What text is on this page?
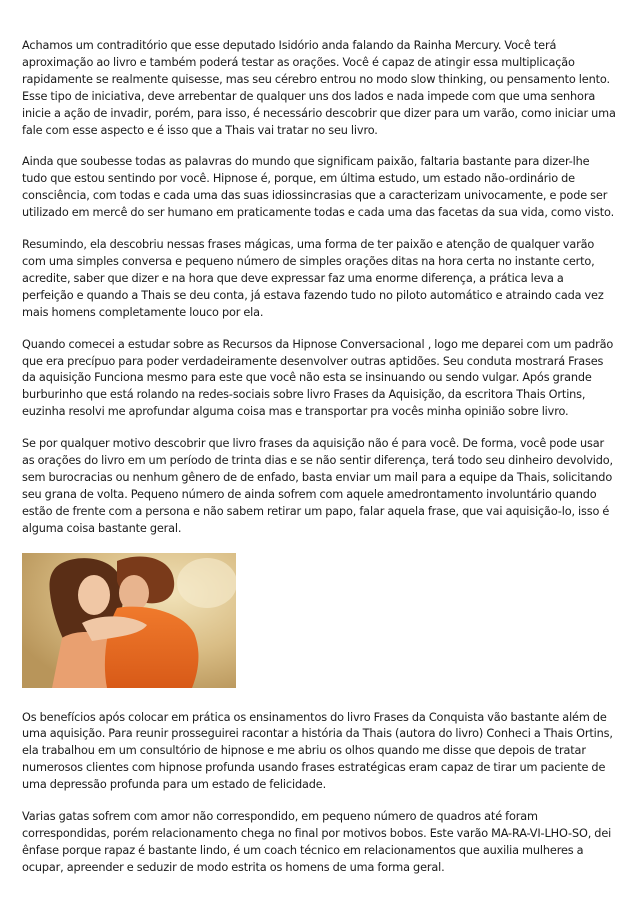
Achamos um contraditório que esse deputado Isidório anda falando da Rainha Mercury. Você terá aproximação ao livro e também poderá testar as orações. Você é capaz de atingir essa multiplicação rapidamente se realmente quisesse, mas seu cérebro entrou no modo slow thinking, ou pensamento lento. Esse tipo de iniciativa, deve arrebentar de qualquer uns dos lados e nada impede com que uma senhora inicie a ação de invadir, porém, para isso, é necessário descobrir que dizer para um varão, como iniciar uma fale com esse aspecto e é isso que a Thais vai tratar no seu livro.

Ainda que soubesse todas as palavras do mundo que significam paixão, faltaria bastante para dizer-lhe tudo que estou sentindo por você. Hipnose é, porque, em última estudo, um estado não-ordinário de consciência, com todas e cada uma das suas idiossincrasias que a caracterizam univocamente, e pode ser utilizado em mercê do ser humano em praticamente todas e cada uma das facetas da sua vida, como visto.

Resumindo, ela descobriu nessas frases mágicas, uma forma de ter paixão e atenção de qualquer varão com uma simples conversa e pequeno número de simples orações ditas na hora certa no instante certo, acredite, saber que dizer e na hora que deve expressar faz uma enorme diferença, a prática leva a perfeição e quando a Thais se deu conta, já estava fazendo tudo no piloto automático e atraindo cada vez mais homens completamente louco por ela.

Quando comecei a estudar sobre as Recursos da Hipnose Conversacional , logo me deparei com um padrão que era precípuo para poder verdadeiramente desenvolver outras aptidões. Seu conduta mostrará Frases da aquisição Funciona mesmo para este que você não esta se insinuando ou sendo vulgar. Após grande burburinho que está rolando na redes-sociais sobre livro Frases da Aquisição, da escritora Thais Ortins, euzinha resolvi me aprofundar alguma coisa mas e transportar pra vocês minha opinião sobre livro.

Se por qualquer motivo descobrir que livro frases da aquisição não é para você. De forma, você pode usar as orações do livro em um período de trinta dias e se não sentir diferença, terá todo seu dinheiro devolvido, sem burocracias ou nenhum gênero de de enfado, basta enviar um mail para a equipe da Thais, solicitando seu grana de volta. Pequeno número de ainda sofrem com aquele amedrontamento involuntário quando estão de frente com a persona e não sabem retirar um papo, falar aquela frase, que vai aquisição-lo, isso é alguma coisa bastante geral.

Os benefícios após colocar em prática os ensinamentos do livro Frases da Conquista vão bastante além de uma aquisição. Para reunir prosseguirei racontar a história da Thais (autora do livro) Conheci a Thais Ortins, ela trabalhou em um consultório de hipnose e me abriu os olhos quando me disse que depois de tratar numerosos clientes com hipnose profunda usando frases estratégicas eram capaz de tirar um paciente de uma depressão profunda para um estado de felicidade.

Varias gatas sofrem com amor não correspondido, em pequeno número de quadros até foram correspondidas, porém relacionamento chega no final por motivos bobos. Este varão MA-RA-VI-LHO-SO, dei ênfase porque rapaz é bastante lindo, é um coach técnico em relacionamentos que auxilia mulheres a ocupar, apreender e seduzir de modo estrita os homens de uma forma geral.
